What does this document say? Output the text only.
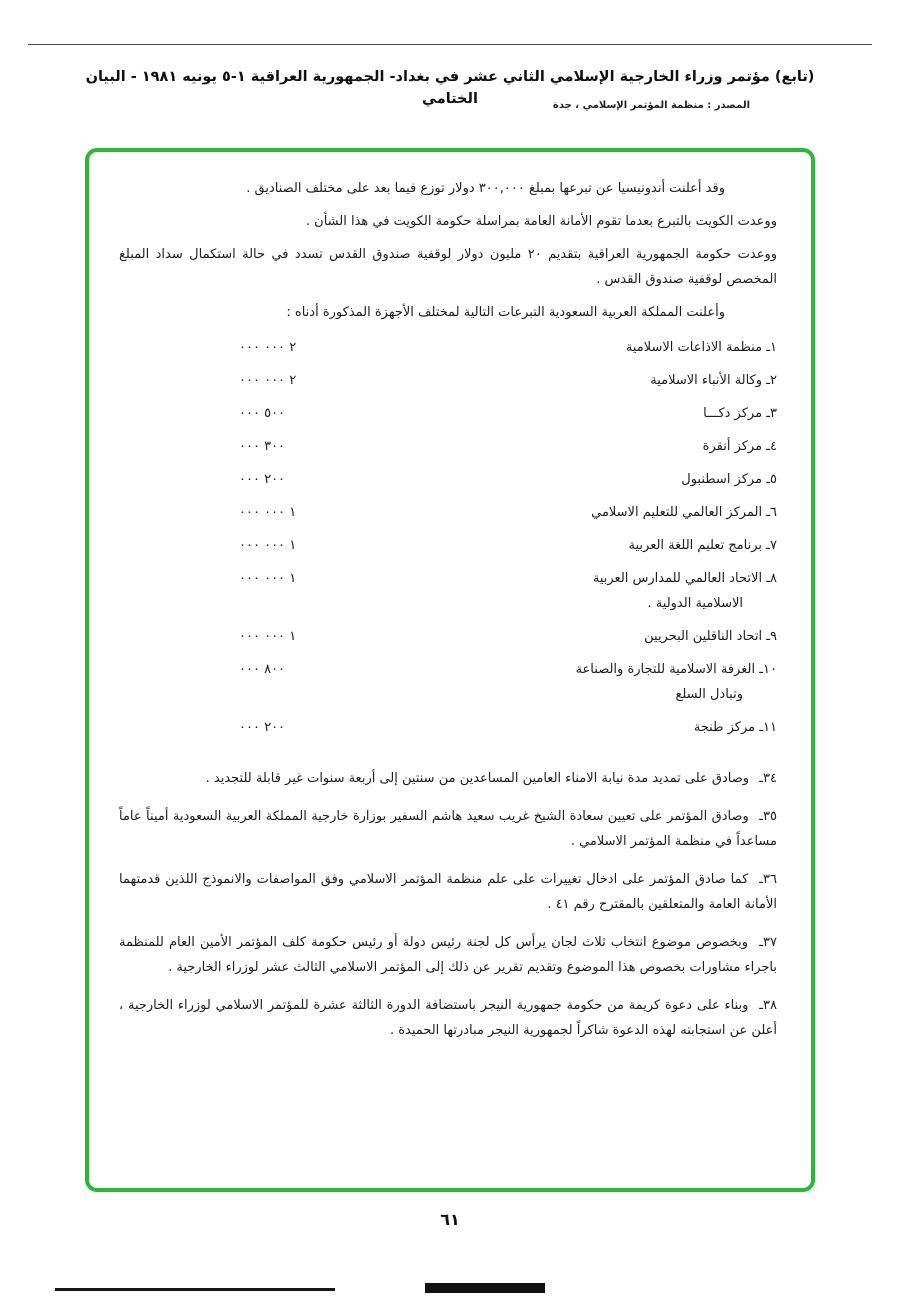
(تابع) مؤتمر وزراء الخارجية الإسلامي الثاني عشر في بغداد- الجمهورية العراقية ١-٥ يونيه ١٩٨١ - البيان الختامي	المصدر : منظمة المؤتمر الإسلامي ، جدة

وقد أعلنت أندونيسيا عن تبرعها بمبلغ ٣٠٠,٠٠٠ دولار توزع فيما بعد على مختلف الصناديق .

ووعدت الكويت بالتبرع بعدما تقوم الأمانة العامة بمراسلة حكومة الكويت في هذا الشأن .

ووعدت حكومة الجمهورية العراقية بتقديم ٢٠ مليون دولار لوقفية صندوق القدس تسدد في حالة استكمال سداد المبلغ المخصص لوقفية صندوق القدس .

وأعلنت المملكة العربية السعودية التبرعات التالية لمختلف الأجهزة المذكورة أدناه :

١ـ منظمة الاذاعات الاسلامية
٢ ٠٠٠ ٠٠٠
٢ـ وكالة الأنباء الاسلامية
٢ ٠٠٠ ٠٠٠
٣ـ مركز دكـــا
٥٠٠ ٠٠٠
٤ـ مركز أنقرة
٣٠٠ ٠٠٠
٥ـ مركز اسطنبول
٢٠٠ ٠٠٠
٦ـ المركز العالمي للتعليم الاسلامي
١ ٠٠٠ ٠٠٠
٧ـ برنامج تعليم اللغة العربية
١ ٠٠٠ ٠٠٠
٨ـ الاتحاد العالمي للمدارس العربية
الاسلامية الدولية .
١ ٠٠٠ ٠٠٠
٩ـ اتحاد الناقلين البحريين
١ ٠٠٠ ٠٠٠
١٠ـ الغرفة الاسلامية للتجارة والصناعة
وتبادل السلع
٨٠٠ ٠٠٠
١١ـ مركز طنجة
٢٠٠ ٠٠٠

٣٤ـ وصادق على تمديد مدة نيابة الامناء العامين المساعدين من سنتين إلى أربعة سنوات غير قابلة للتجديد .

٣٥ـ وصادق المؤتمر على تعيين سعادة الشيخ غريب سعيد هاشم السفير بوزارة خارجية المملكة العربية السعودية أميناً عاماً مساعداً في منظمة المؤتمر الاسلامي .

٣٦ـ كما صادق المؤتمر على ادخال تغييرات على علم منظمة المؤتمر الاسلامي وفق المواصفات والانموذج اللذين قدمتهما الأمانة العامة والمتعلقين بالمقترح رقم ٤١ .

٣٧ـ وبخصوص موضوع انتخاب ثلاث لجان يرأس كل لجنة رئيس دولة أو رئيس حكومة كلف المؤتمر الأمين العام للمنظمة باجراء مشاورات بخصوص هذا الموضوع وتقديم تقرير عن ذلك إلى المؤتمر الاسلامي الثالث عشر لوزراء الخارجية .

٣٨ـ وبناء على دعوة كريمة من حكومة جمهورية النيجر باستضافة الدورة الثالثة عشرة للمؤتمر الاسلامي لوزراء الخارجية ، أعلن عن استجابته لهذه الدعوة شاكراً لجمهورية النيجر مبادرتها الحميدة .

٦١
